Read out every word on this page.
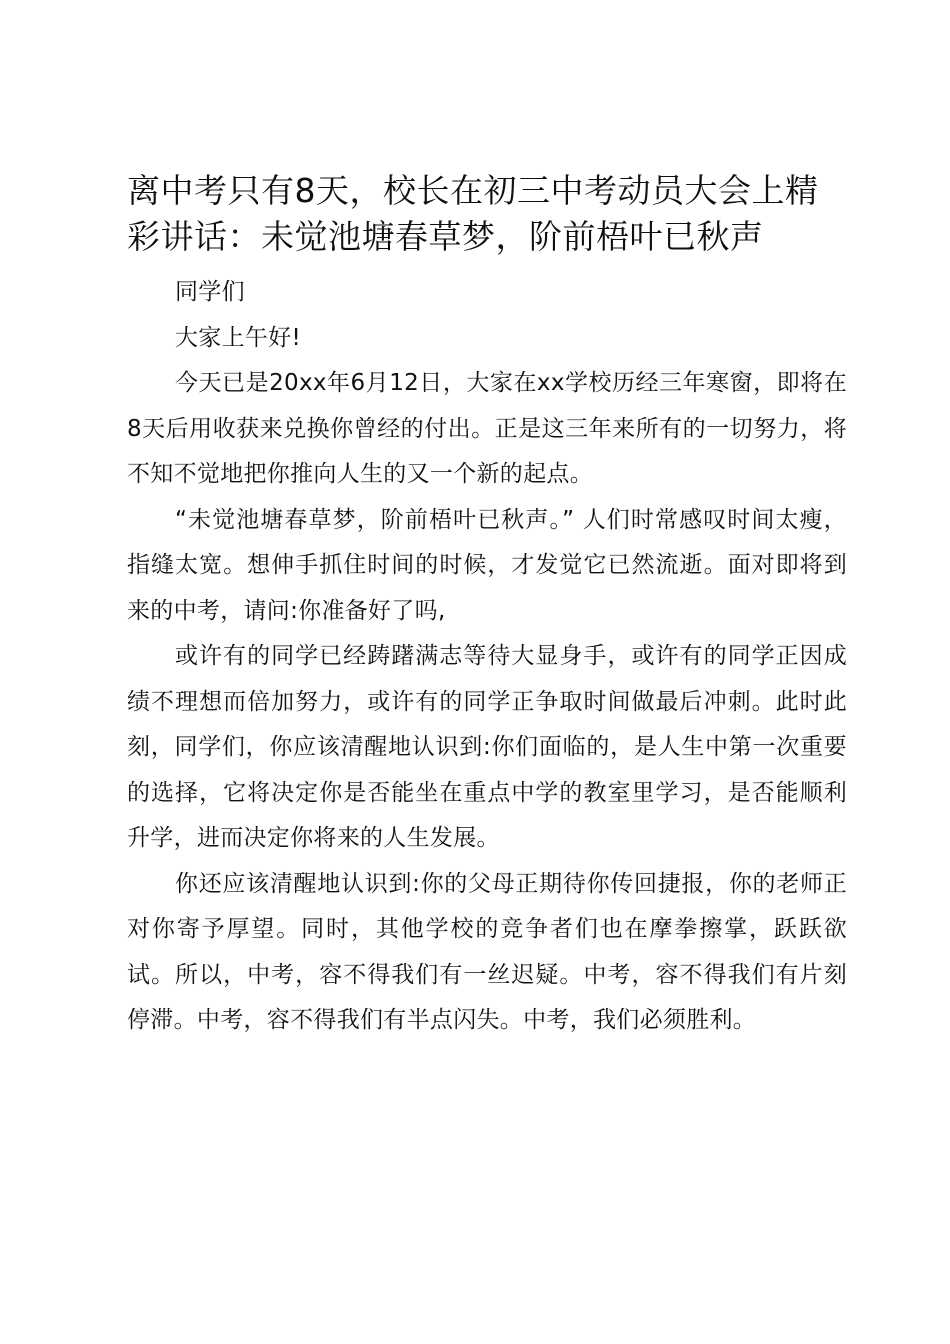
离中考只有8天，校长在初三中考动员大会上精彩讲话：未觉池塘春草梦，阶前梧叶已秋声

同学们

大家上午好!

今天已是20xx年6月12日，大家在xx学校历经三年寒窗，即将在8天后用收获来兑换你曾经的付出。正是这三年来所有的一切努力，将不知不觉地把你推向人生的又一个新的起点。

“未觉池塘春草梦，阶前梧叶已秋声。” 人们时常感叹时间太瘦，指缝太宽。想伸手抓住时间的时候，才发觉它已然流逝。面对即将到来的中考，请问:你准备好了吗,

或许有的同学已经踌躇满志等待大显身手，或许有的同学正因成绩不理想而倍加努力，或许有的同学正争取时间做最后冲刺。此时此刻，同学们，你应该清醒地认识到:你们面临的，是人生中第一次重要的选择，它将决定你是否能坐在重点中学的教室里学习，是否能顺利升学，进而决定你将来的人生发展。

你还应该清醒地认识到:你的父母正期待你传回捷报，你的老师正对你寄予厚望。同时，其他学校的竞争者们也在摩拳擦掌，跃跃欲试。所以，中考，容不得我们有一丝迟疑。中考，容不得我们有片刻停滞。中考，容不得我们有半点闪失。中考，我们必须胜利。
